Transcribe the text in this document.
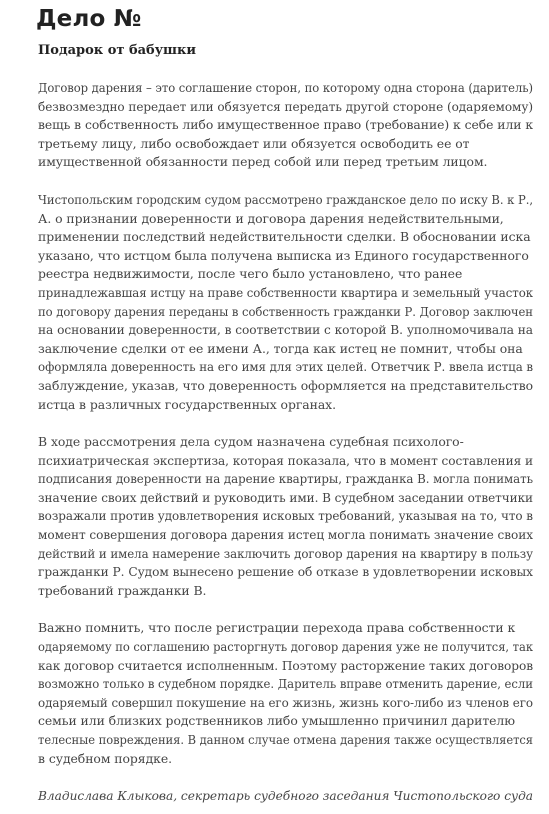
Дело №
Подарок от бабушки

Договор дарения – это соглашение сторон, по которому одна сторона (даритель)
безвозмездно передает или обязуется передать другой стороне (одаряемому)
вещь в собственность либо имущественное право (требование) к себе или к
третьему лицу, либо освобождает или обязуется освободить ее от
имущественной обязанности перед собой или перед третьим лицом.

Чистопольским городским судом рассмотрено гражданское дело по иску В. к Р.,
А. о признании доверенности и договора дарения недействительными,
применении последствий недействительности сделки. В обосновании иска
указано, что истцом была получена выписка из Единого государственного
реестра недвижимости, после чего было установлено, что ранее
принадлежавшая истцу на праве собственности квартира и земельный участок
по договору дарения переданы в собственность гражданки Р. Договор заключен
на основании доверенности, в соответствии с которой В. уполномочивала на
заключение сделки от ее имени А., тогда как истец не помнит, чтобы она
оформляла доверенность на его имя для этих целей. Ответчик Р. ввела истца в
заблуждение, указав, что доверенность оформляется на представительство
истца в различных государственных органах.

В ходе рассмотрения дела судом назначена судебная психолого-
психиатрическая экспертиза, которая показала, что в момент составления и
подписания доверенности на дарение квартиры, гражданка В. могла понимать
значение своих действий и руководить ими. В судебном заседании ответчики
возражали против удовлетворения исковых требований, указывая на то, что в
момент совершения договора дарения истец могла понимать значение своих
действий и имела намерение заключить договор дарения на квартиру в пользу
гражданки Р. Судом вынесено решение об отказе в удовлетворении исковых
требований гражданки В.

Важно помнить, что после регистрации перехода права собственности к
одаряемому по соглашению расторгнуть договор дарения уже не получится, так
как договор считается исполненным. Поэтому расторжение таких договоров
возможно только в судебном порядке. Даритель вправе отменить дарение, если
одаряемый совершил покушение на его жизнь, жизнь кого-либо из членов его
семьи или близких родственников либо умышленно причинил дарителю
телесные повреждения. В данном случае отмена дарения также осуществляется
в судебном порядке.

Владислава Клыкова, секретарь судебного заседания Чистопольского суда
